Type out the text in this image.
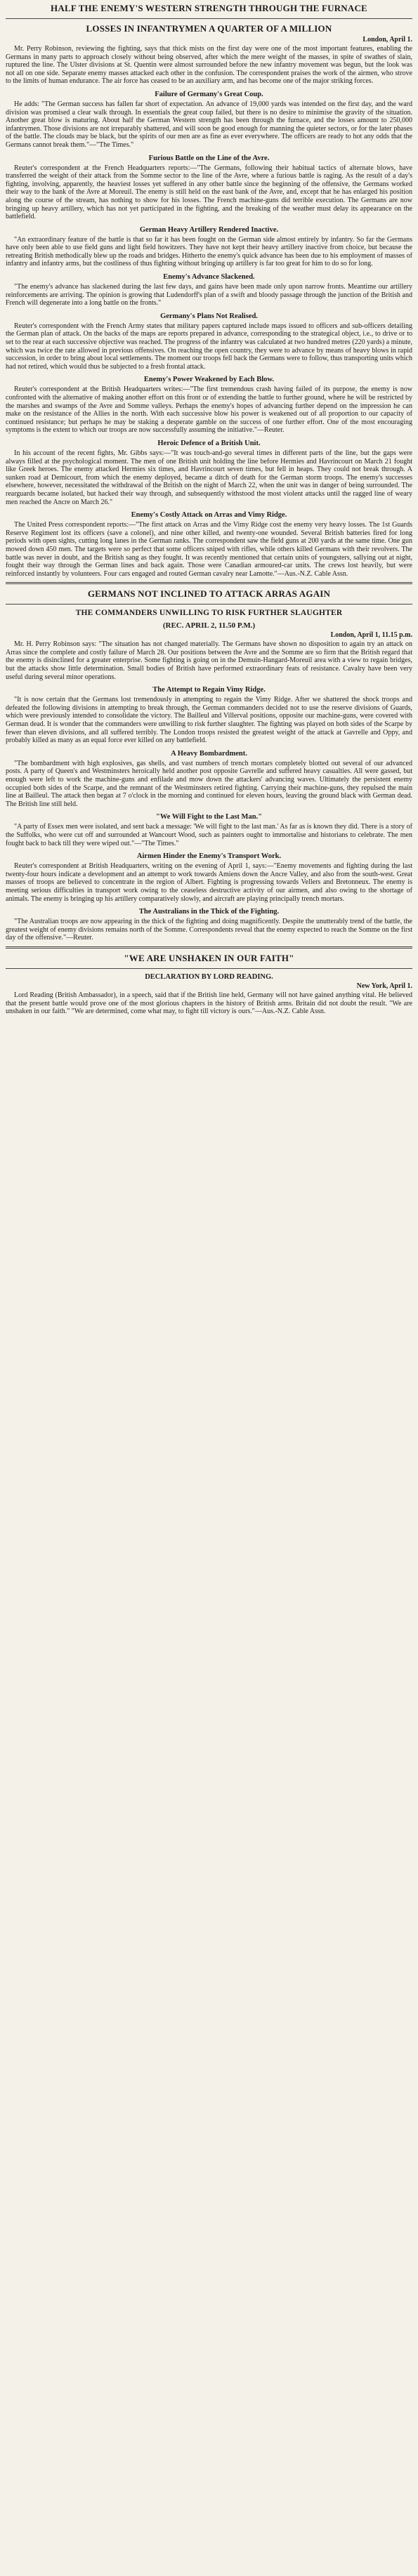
HALF THE ENEMY'S WESTERN STRENGTH THROUGH THE FURNACE
LOSSES IN INFANTRYMEN A QUARTER OF A MILLION
London, April 1.

Mr. Perry Robinson, reviewing the fighting, says that thick mists on the first day were one of the most important features, enabling the Germans in many parts to approach closely without being observed, after which the mere weight of the masses, in spite of swathes of slain, ruptured the line. The Ulster divisions at St. Quentin were almost surrounded before the new infantry movement was begun, but the look was not all on one side. Separate enemy masses attacked each other in the confusion. The correspondent praises the work of the airmen, who strove to the limits of human endurance. The air force has ceased to be an auxiliary arm, and has become one of the major striking forces.

Failure of Germany's Great Coup.

He adds: "The German success has fallen far short of expectation. An advance of 19,000 yards was intended on the first day, and the ward division was promised a clear walk through. In essentials the great coup failed, but there is no desire to minimise the gravity of the situation. Another great blow is maturing. About half the German Western strength has been through the furnace, and the losses amount to 250,000 infantrymen. Those divisions are not irreparably shattered, and will soon be good enough for manning the quieter sectors, or for the later phases of the battle. The clouds may be black, but the spirits of our men are as fine as ever everywhere. The officers are ready to hot any odds that the Germans cannot break them."—"The Times."

Furious Battle on the Line of the Avre.

Reuter's correspondent at the French Headquarters reports:—"The Germans, following their habitual tactics of alternate blows, have transferred the weight of their attack from the Somme sector to the line of the Avre, where a furious battle is raging. As the result of a day's fighting, involving, apparently, the heaviest losses yet suffered in any other battle since the beginning of the offensive, the Germans worked their way to the bank of the Avre at Moreuil. The enemy is still held on the east bank of the Avre, and, except that he has enlarged his position along the course of the stream, has nothing to show for his losses. The French machine-guns did terrible execution. The Germans are now bringing up heavy artillery, which has not yet participated in the fighting, and the breaking of the weather must delay its appearance on the battlefield.

German Heavy Artillery Rendered Inactive.

"An extraordinary feature of the battle is that so far it has been fought on the German side almost entirely by infantry. So far the Germans have only been able to use field guns and light field howitzers. They have not kept their heavy artillery inactive from choice, but because the retreating British methodically blew up the roads and bridges. Hitherto the enemy's quick advance has been due to his employment of masses of infantry and infantry arms, but the costliness of thus fighting without bringing up artillery is far too great for him to do so for long.

Enemy's Advance Slackened.

"The enemy's advance has slackened during the last few days, and gains have been made only upon narrow fronts. Meantime our artillery reinforcements are arriving. The opinion is growing that Ludendorff's plan of a swift and bloody passage through the junction of the British and French will degenerate into a long battle on the fronts."

Germany's Plans Not Realised.

Reuter's correspondent with the French Army states that military papers captured include maps issued to officers and sub-officers detailing the German plan of attack. On the backs of the maps are reports prepared in advance, corresponding to the strategical object, i.e., to drive or to set to the rear at each successive objective was reached. The progress of the infantry was calculated at two hundred metres (220 yards) a minute, which was twice the rate allowed in previous offensives. On reaching the open country, they were to advance by means of heavy blows in rapid succession, in order to bring about local settlements. The moment our troops fell back the Germans were to follow, thus transporting units which had not retired, which would thus be subjected to a fresh frontal attack.

Enemy's Power Weakened by Each Blow.

Reuter's correspondent at the British Headquarters writes:—"The first tremendous crash having failed of its purpose, the enemy is now confronted with the alternative of making another effort on this front or of extending the battle to further ground, where he will be restricted by the marshes and swamps of the Avre and Somme valleys. Perhaps the enemy's hopes of advancing further depend on the impression he can make on the resistance of the Allies in the north. With each successive blow his power is weakened out of all proportion to our capacity of continued resistance; but perhaps he may be staking a desperate gamble on the success of one further effort. One of the most encouraging symptoms is the extent to which our troops are now successfully assuming the initiative."—Reuter.

Heroic Defence of a British Unit.

In his account of the recent fights, Mr. Gibbs says:—"It was touch-and-go several times in different parts of the line, but the gaps were always filled at the psychological moment. The men of one British unit holding the line before Hermies and Havrincourt on March 21 fought like Greek heroes. The enemy attacked Hermies six times, and Havrincourt seven times, but fell in heaps. They could not break through. A sunken road at Demicourt, from which the enemy deployed, became a ditch of death for the German storm troops. The enemy's successes elsewhere, however, necessitated the withdrawal of the British on the night of March 22, when the unit was in danger of being surrounded. The rearguards became isolated, but hacked their way through, and subsequently withstood the most violent attacks until the ragged line of weary men reached the Ancre on March 26."

Enemy's Costly Attack on Arras and Vimy Ridge.

The United Press correspondent reports:—"The first attack on Arras and the Vimy Ridge cost the enemy very heavy losses. The 1st Guards Reserve Regiment lost its officers (save a colonel), and nine other killed, and twenty-one wounded. Several British batteries fired for long periods with open sights, cutting long lanes in the German ranks. The correspondent saw the field guns at 200 yards at the same time. One gun mowed down 450 men. The targets were so perfect that some officers sniped with rifles, while others killed Germans with their revolvers. The battle was never in doubt, and the British sang as they fought. It was recently mentioned that certain units of youngsters, sallying out at night, fought their way through the German lines and back again. Those were Canadian armoured-car units. The crews lost heavily, but were reinforced instantly by volunteers. Four cars engaged and routed German cavalry near Lamotte."—Aus.-N.Z. Cable Assn.

GERMANS NOT INCLINED TO ATTACK ARRAS AGAIN
THE COMMANDERS UNWILLING TO RISK FURTHER SLAUGHTER
(REC. APRIL 2, 11.50 P.M.)
London, April 1, 11.15 p.m.

Mr. H. Perry Robinson says: "The situation has not changed materially. The Germans have shown no disposition to again try an attack on Arras since the complete and costly failure of March 28. Our positions between the Avre and the Somme are so firm that the British regard that the enemy is disinclined for a greater enterprise. Some fighting is going on in the Demuin-Hangard-Moreuil area with a view to regain bridges, but the attacks show little determination. Small bodies of British have performed extraordinary feats of resistance. Cavalry have been very useful during several minor operations.

The Attempt to Regain Vimy Ridge.

"It is now certain that the Germans lost tremendously in attempting to regain the Vimy Ridge. After we shattered the shock troops and defeated the following divisions in attempting to break through, the German commanders decided not to use the reserve divisions of Guards, which were previously intended to consolidate the victory. The Bailleul and Villerval positions, opposite our machine-guns, were covered with German dead. It is wonder that the commanders were unwilling to risk further slaughter. The fighting was played on both sides of the Scarpe by fewer than eleven divisions, and all suffered terribly. The London troops resisted the greatest weight of the attack at Gavrelle and Oppy, and probably killed as many as an equal force ever killed on any battlefield.

A Heavy Bombardment.

"The bombardment with high explosives, gas shells, and vast numbers of trench mortars completely blotted out several of our advanced posts. A party of Queen's and Westminsters heroically held another post opposite Gavrelle and suffered heavy casualties. All were gassed, but enough were left to work the machine-guns and enfilade and mow down the attackers' advancing waves. Ultimately the persistent enemy occupied both sides of the Scarpe, and the remnant of the Westminsters retired fighting. Carrying their machine-guns, they repulsed the main line at Bailleul. The attack then began at 7 o'clock in the morning and continued for eleven hours, leaving the ground black with German dead. The British line still held.

"We Will Fight to the Last Man."

"A party of Essex men were isolated, and sent back a message: 'We will fight to the last man.' As far as is known they did. There is a story of the Suffolks, who were cut off and surrounded at Wancourt Wood, such as painters ought to immortalise and historians to celebrate. The men fought back to back till they were wiped out."—"The Times."

Airmen Hinder the Enemy's Transport Work.

Reuter's correspondent at British Headquarters, writing on the evening of April 1, says:—"Enemy movements and fighting during the last twenty-four hours indicate a development and an attempt to work towards Amiens down the Ancre Valley, and also from the south-west. Great masses of troops are believed to concentrate in the region of Albert. Fighting is progressing towards Vellers and Bretonneux. The enemy is meeting serious difficulties in transport work owing to the ceaseless destructive activity of our airmen, and also owing to the shortage of animals. The enemy is bringing up his artillery comparatively slowly, and aircraft are playing principally trench mortars.

The Australians in the Thick of the Fighting.

"The Australian troops are now appearing in the thick of the fighting and doing magnificently. Despite the unutterably trend of the battle, the greatest weight of enemy divisions remains north of the Somme. Correspondents reveal that the enemy expected to reach the Somme on the first day of the offensive."—Reuter.

"WE ARE UNSHAKEN IN OUR FAITH"
DECLARATION BY LORD READING.
New York, April 1.

Lord Reading (British Ambassador), in a speech, said that if the British line held, Germany will not have gained anything vital. He believed that the present battle would prove one of the most glorious chapters in the history of British arms. Britain did not doubt the result. "We are unshaken in our faith." "We are determined, come what may, to fight till victory is ours."—Aus.-N.Z. Cable Assn.
